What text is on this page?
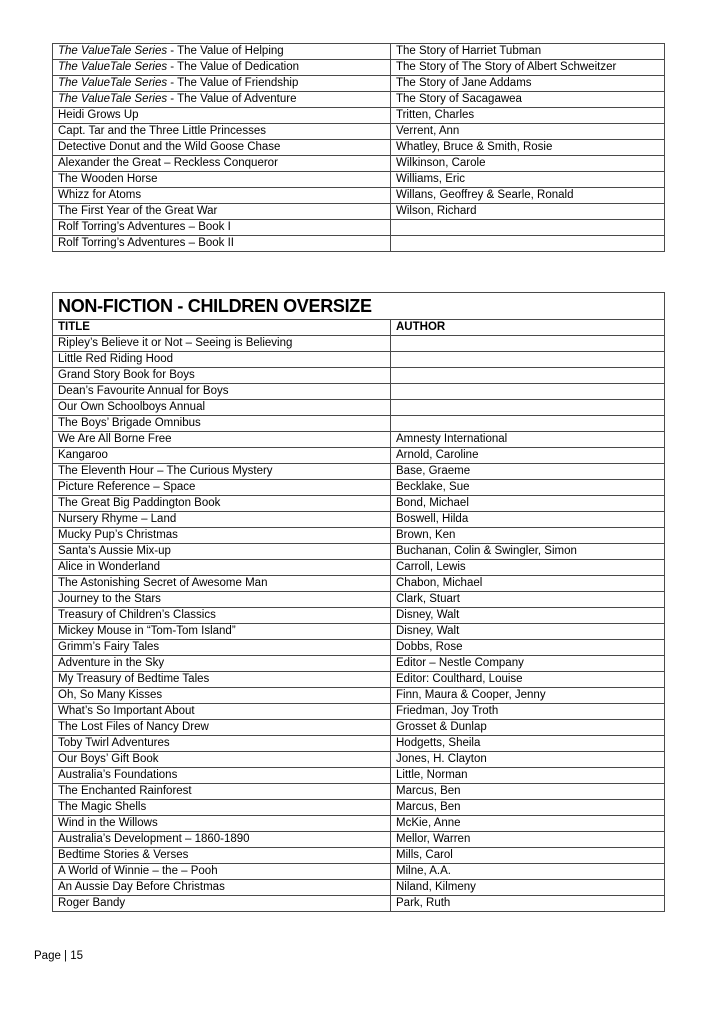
The ValueTale Series - The Value of Helping	The Story of Harriet Tubman
The ValueTale Series - The Value of Dedication	The Story of The Story of Albert Schweitzer
The ValueTale Series - The Value of Friendship	The Story of Jane Addams
The ValueTale Series - The Value of Adventure	The Story of Sacagawea
Heidi Grows Up	Tritten, Charles
Capt. Tar and the Three Little Princesses	Verrent, Ann
Detective Donut and the Wild Goose Chase	Whatley, Bruce & Smith, Rosie
Alexander the Great – Reckless Conqueror	Wilkinson, Carole
The Wooden Horse	Williams, Eric
Whizz for Atoms	Willans, Geoffrey & Searle, Ronald
The First Year of the Great War	Wilson, Richard
Rolf Torring’s Adventures – Book I	
Rolf Torring’s Adventures – Book II	
NON-FICTION - CHILDREN OVERSIZE	
TITLE	AUTHOR
Ripley’s Believe it or Not – Seeing is Believing	
Little Red Riding Hood	
Grand Story Book for Boys	
Dean’s Favourite Annual for Boys	
Our Own Schoolboys Annual	
The Boys’ Brigade Omnibus	
We Are All Borne Free	Amnesty International
Kangaroo	Arnold, Caroline
The Eleventh Hour – The Curious Mystery	Base, Graeme
Picture Reference – Space	Becklake, Sue
The Great Big Paddington Book	Bond, Michael
Nursery Rhyme – Land	Boswell, Hilda
Mucky Pup’s Christmas	Brown, Ken
Santa’s Aussie Mix-up	Buchanan, Colin & Swingler, Simon
Alice in Wonderland	Carroll, Lewis
The Astonishing Secret of Awesome Man	Chabon, Michael
Journey to the Stars	Clark, Stuart
Treasury of Children’s Classics	Disney, Walt
Mickey Mouse in “Tom-Tom Island”	Disney, Walt
Grimm’s Fairy Tales	Dobbs, Rose
Adventure in the Sky	Editor – Nestle Company
My Treasury of Bedtime Tales	Editor: Coulthard, Louise
Oh, So Many Kisses	Finn, Maura & Cooper, Jenny
What’s So Important About	Friedman, Joy Troth
The Lost Files of Nancy Drew	Grosset & Dunlap
Toby Twirl Adventures	Hodgetts, Sheila
Our Boys’ Gift Book	Jones, H. Clayton
Australia’s Foundations	Little, Norman
The Enchanted Rainforest	Marcus, Ben
The Magic Shells	Marcus, Ben
Wind in the Willows	McKie, Anne
Australia’s Development – 1860-1890	Mellor, Warren
Bedtime Stories & Verses	Mills, Carol
A World of Winnie – the – Pooh	Milne, A.A.
An Aussie Day Before Christmas	Niland, Kilmeny
Roger Bandy	Park, Ruth
Page | 15
